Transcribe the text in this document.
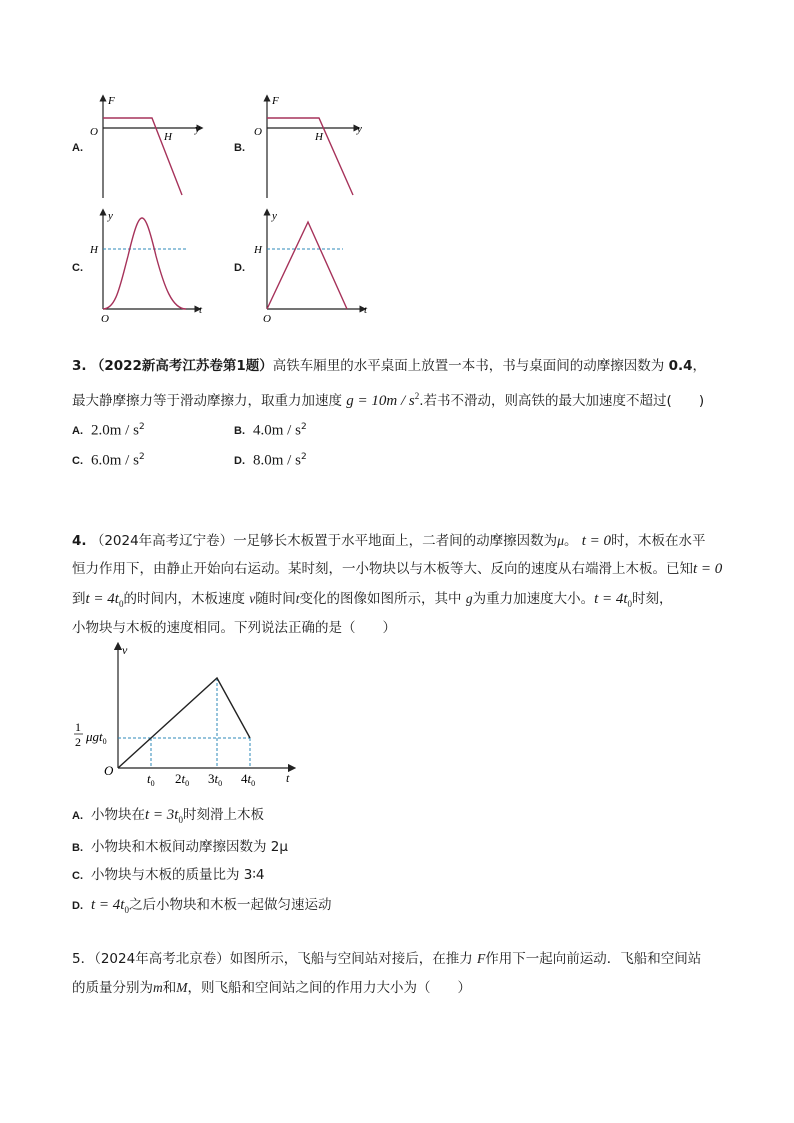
A.
F
y
O	H
B.
F
y
O	H
C.
y
t
O
H
D.
y
t
O
H
3. （2022新高考江苏卷第1题）高铁车厢里的水平桌面上放置一本书，书与桌面间的动摩擦因数为 0.4，
最大静摩擦力等于滑动摩擦力，取重力加速度 $g = 10m / s^2$.若书不滑动，则高铁的最大加速度不超过(　　)
A. $2.0m / s^2$	B. $4.0m / s^2$
C. $6.0m / s^2$	D. $8.0m / s^2$
4. （2024年高考辽宁卷）一足够长木板置于水平地面上，二者间的动摩擦因数为μ。 t = 0时，木板在水平
恒力作用下，由静止开始向右运动。某时刻，一小物块以与木板等大、反向的速度从右端滑上木板。已知t = 0
到$t = 4t_0$的时间内，木板速度 v随时间t变化的图像如图所示，其中 g为重力加速度大小。$t = 4t_0$时刻，
小物块与木板的速度相同。下列说法正确的是（　　）
v
t
O
1
2 μgt$_0$
$t_0$ $2t_0$ $3t_0$ $4t_0$
A. 小物块在$t = 3t_0$时刻滑上木板
B. 小物块和木板间动摩擦因数为 2μ
C. 小物块与木板的质量比为 3∶4
D. $t = 4t_0$之后小物块和木板一起做匀速运动
5．（2024年高考北京卷）如图所示，飞船与空间站对接后，在推力 F作用下一起向前运动．飞船和空间站
的质量分别为m和M，则飞船和空间站之间的作用力大小为（　　）
